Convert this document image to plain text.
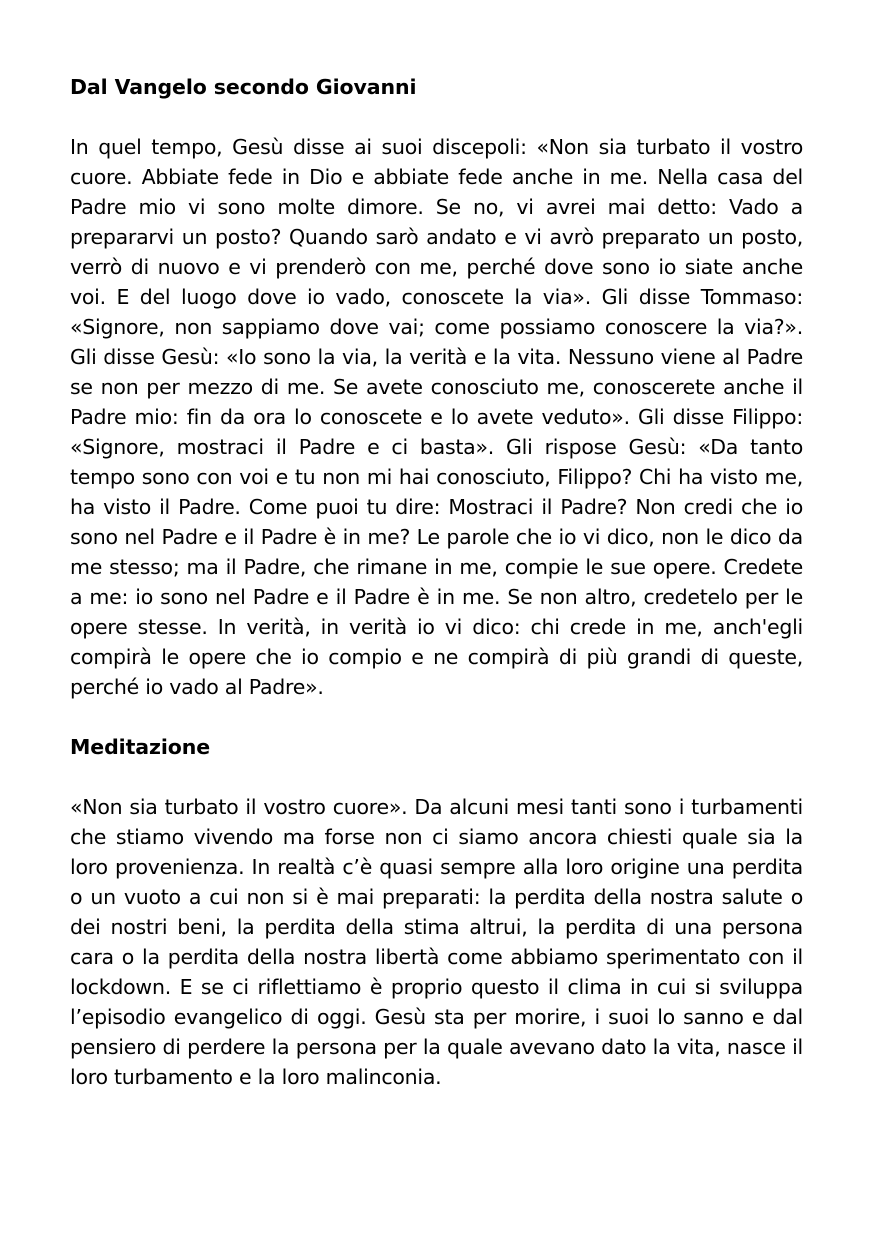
Dal Vangelo secondo Giovanni

In quel tempo, Gesù disse ai suoi discepoli: «Non sia turbato il vostro cuore. Abbiate fede in Dio e abbiate fede anche in me. Nella casa del Padre mio vi sono molte dimore. Se no, vi avrei mai detto: Vado a prepararvi un posto? Quando sarò andato e vi avrò preparato un posto, verrò di nuovo e vi prenderò con me, perché dove sono io siate anche voi. E del luogo dove io vado, conoscete la via». Gli disse Tommaso: «Signore, non sappiamo dove vai; come possiamo conoscere la via?». Gli disse Gesù: «Io sono la via, la verità e la vita. Nessuno viene al Padre se non per mezzo di me. Se avete conosciuto me, conoscerete anche il Padre mio: fin da ora lo conoscete e lo avete veduto». Gli disse Filippo: «Signore, mostraci il Padre e ci basta». Gli rispose Gesù: «Da tanto tempo sono con voi e tu non mi hai conosciuto, Filippo? Chi ha visto me, ha visto il Padre. Come puoi tu dire: Mostraci il Padre? Non credi che io sono nel Padre e il Padre è in me? Le parole che io vi dico, non le dico da me stesso; ma il Padre, che rimane in me, compie le sue opere. Credete a me: io sono nel Padre e il Padre è in me. Se non altro, credetelo per le opere stesse. In verità, in verità io vi dico: chi crede in me, anch'egli compirà le opere che io compio e ne compirà di più grandi di queste, perché io vado al Padre».

Meditazione

«Non sia turbato il vostro cuore». Da alcuni mesi tanti sono i turbamenti che stiamo vivendo ma forse non ci siamo ancora chiesti quale sia la loro provenienza. In realtà c’è quasi sempre alla loro origine una perdita o un vuoto a cui non si è mai preparati: la perdita della nostra salute o dei nostri beni, la perdita della stima altrui, la perdita di una persona cara o la perdita della nostra libertà come abbiamo sperimentato con il lockdown. E se ci riflettiamo è proprio questo il clima in cui si sviluppa l’episodio evangelico di oggi. Gesù sta per morire, i suoi lo sanno e dal pensiero di perdere la persona per la quale avevano dato la vita, nasce il loro turbamento e la loro malinconia.
